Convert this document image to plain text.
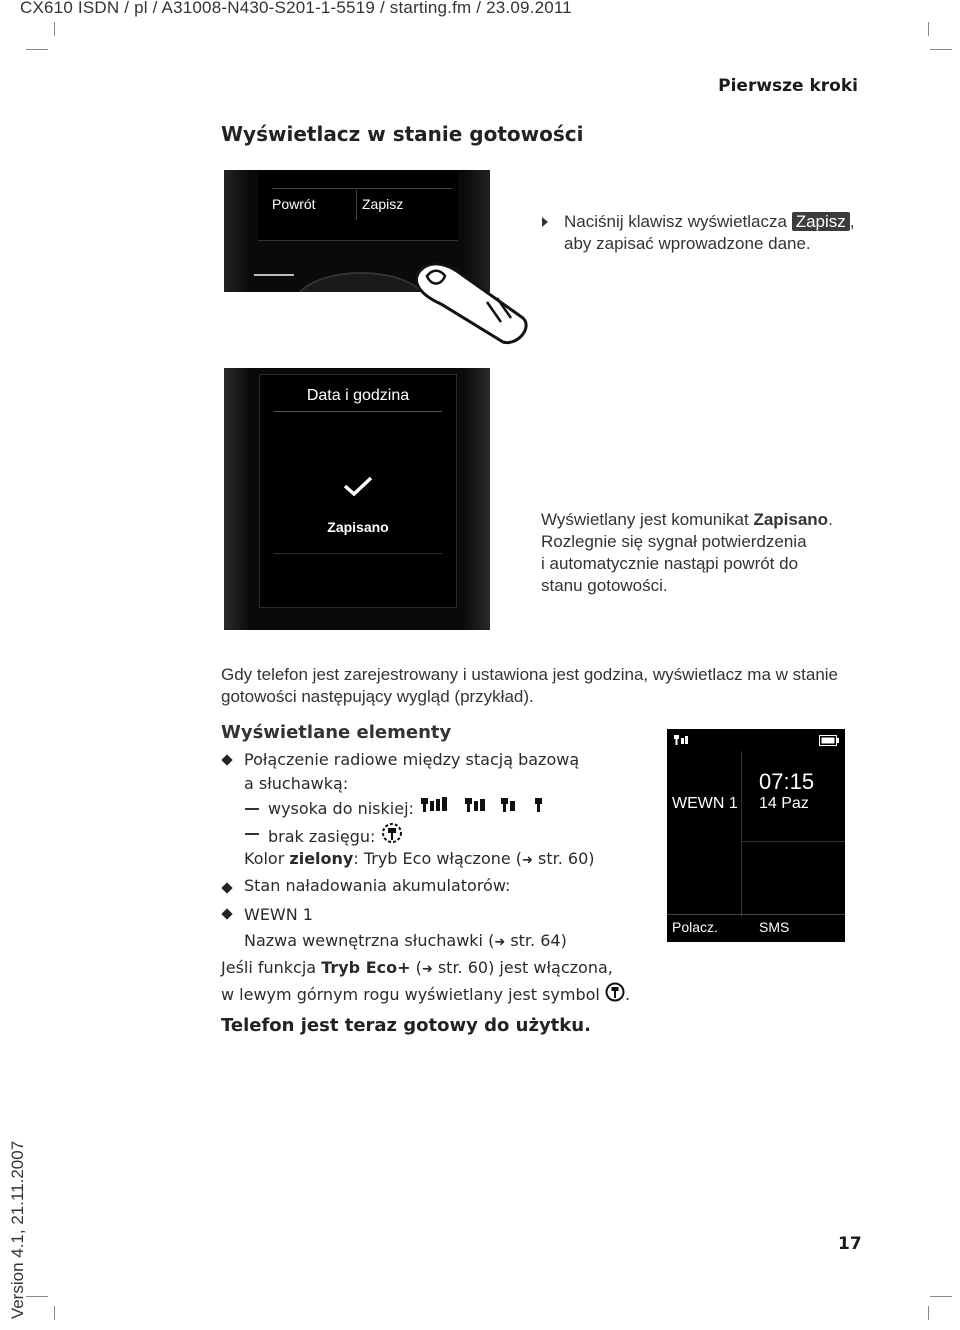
CX610 ISDN / pl / A31008-N430-S201-1-5519 / starting.fm / 23.09.2011
Pierwsze kroki
Wyświetlacz w stanie gotowości
Powrót	Zapisz
Naciśnij klawisz wyświetlacza Zapisz ,
aby zapisać wprowadzone dane.
Data i godzina
Zapisano	Wyświetlany jest komunikat Zapisano.
Rozlegnie się sygnał potwierdzenia
i automatycznie nastąpi powrót do
stanu gotowości.
Gdy telefon jest zarejestrowany i ustawiona jest godzina, wyświetlacz ma w stanie
gotowości następujący wygląd (przykład).
Wyświetlane elementy
Połączenie radiowe między stacją bazową
a słuchawką:
wysoka do niskiej:
brak zasięgu:
Kolor zielony: Tryb Eco włączone (➜ str. 60)
Stan naładowania akumulatorów:
WEWN 1
Nazwa wewnętrzna słuchawki (➜ str. 64)
Jeśli funkcja Tryb Eco+ (➜ str. 60) jest włączona,
w lewym górnym rogu wyświetlany jest symbol .
07:15
WEWN 1 14 Paz
Polacz.	SMS
Telefon jest teraz gotowy do użytku.
Version 4.1, 21.11.2007	17
